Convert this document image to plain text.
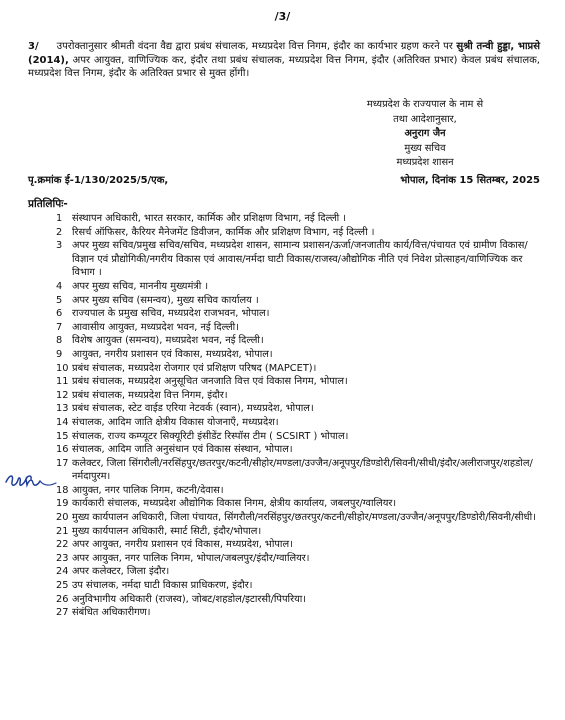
/3/
3/ उपरोक्तानुसार श्रीमती वंदना वैद्य द्वारा प्रबंध संचालक, मध्यप्रदेश वित्त निगम, इंदौर का कार्यभार ग्रहण करने पर सुश्री तन्वी हुड्डा, भाप्रसे (2014), अपर आयुक्त, वाणिज्यिक कर, इंदौर तथा प्रबंध संचालक, मध्यप्रदेश वित्त निगम, इंदौर (अतिरिक्त प्रभार) केवल प्रबंध संचालक, मध्यप्रदेश वित्त निगम, इंदौर के अतिरिक्त प्रभार से मुक्त होंगी।
मध्यप्रदेश के राज्यपाल के नाम से
तथा आदेशानुसार,
अनुराग जैन
मुख्य सचिव
मध्यप्रदेश शासन
पृ.क्रमांक ई-1/130/2025/5/एक,	भोपाल, दिनांक 15 सितम्बर, 2025
प्रतिलिपिः-
1 संस्थापन अधिकारी, भारत सरकार, कार्मिक और प्रशिक्षण विभाग, नई दिल्ली ।
2 रिसर्च ऑफिसर, कैरियर मैनेजमेंट डिवीजन, कार्मिक और प्रशिक्षण विभाग, नई दिल्ली ।
3 अपर मुख्य सचिव/प्रमुख सचिव/सचिव, मध्यप्रदेश शासन, सामान्य प्रशासन/ऊर्जा/जनजातीय कार्य/वित्त/पंचायत एवं ग्रामीण विकास/विज्ञान एवं प्रौद्योगिकी/नगरीय विकास एवं आवास/नर्मदा घाटी विकास/राजस्व/औद्योगिक नीति एवं निवेश प्रोत्साहन/वाणिज्यिक कर विभाग ।
4 अपर मुख्य सचिव, माननीय मुख्यमंत्री ।
5 अपर मुख्य सचिव (समन्वय), मुख्य सचिव कार्यालय ।
6 राज्यपाल के प्रमुख सचिव, मध्यप्रदेश राजभवन, भोपाल।
7 आवासीय आयुक्त, मध्यप्रदेश भवन, नई दिल्ली।
8 विशेष आयुक्त (समन्वय), मध्यप्रदेश भवन, नई दिल्ली।
9 आयुक्त, नगरीय प्रशासन एवं विकास, मध्यप्रदेश, भोपाल।
10 प्रबंध संचालक, मध्यप्रदेश रोजगार एवं प्रशिक्षण परिषद (MAPCET)।
11 प्रबंध संचालक, मध्यप्रदेश अनुसूचित जनजाति वित्त एवं विकास निगम, भोपाल।
12 प्रबंध संचालक, मध्यप्रदेश वित्त निगम, इंदौर।
13 प्रबंध संचालक, स्टेट वाईड एरिया नेटवर्क (स्वान), मध्यप्रदेश, भोपाल।
14 संचालक, आदिम जाति क्षेत्रीय विकास योजनाएँ, मध्यप्रदेश।
15 संचालक, राज्य कम्प्यूटर सिक्यूरिटी इंसीडेंट रिस्पॉस टीम ( SCSIRT ) भोपाल।
16 संचालक, आदिम जाति अनुसंधान एवं विकास संस्थान, भोपाल।
17 कलेक्टर, जिला सिंगरौली/नरसिंहपुर/छतरपुर/कटनी/सीहोर/मण्डला/उज्जैन/अनूपपुर/डिण्डोरी/सिवनी/सीधी/इंदौर/अलीराजपुर/शहडोल/नर्मदापुरम।
18 आयुक्त, नगर पालिक निगम, कटनी/देवास।
19 कार्यकारी संचालक, मध्यप्रदेश औद्योगिक विकास निगम, क्षेत्रीय कार्यालय, जबलपुर/ग्वालियर।
20 मुख्य कार्यपालन अधिकारी, जिला पंचायत, सिंगरौली/नरसिंहपुर/छतरपुर/कटनी/सीहोर/मण्डला/उज्जैन/अनूपपुर/डिण्डोरी/सिवनी/सीधी।
21 मुख्य कार्यपालन अधिकारी, स्मार्ट सिटी, इंदौर/भोपाल।
22 अपर आयुक्त, नगरीय प्रशासन एवं विकास, मध्यप्रदेश, भोपाल।
23 अपर आयुक्त, नगर पालिक निगम, भोपाल/जबलपुर/इंदौर/ग्वालियर।
24 अपर कलेक्टर, जिला इंदौर।
25 उप संचालक, नर्मदा घाटी विकास प्राधिकरण, इंदौर।
26 अनुविभागीय अधिकारी (राजस्व), जोबट/शहडोल/इटारसी/पिपरिया।
27 संबंधित अधिकारीगण।
